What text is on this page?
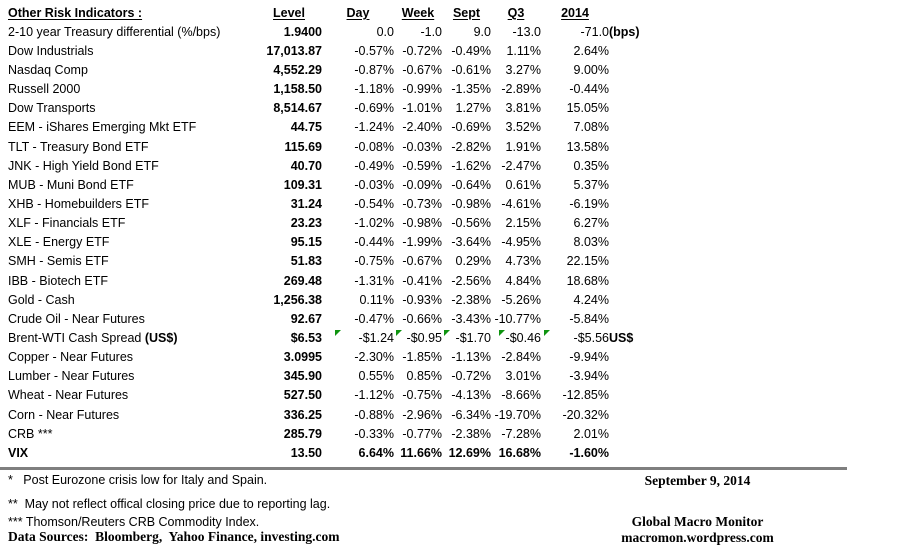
Other Risk Indicators :	Level	Day	Week	Sept	Q3	2014	
2-10 year Treasury differential (%/bps)	1.9400	0.0	-1.0	9.0	-13.0	-71.0	(bps)
Dow Industrials	17,013.87	-0.57%	-0.72%	-0.49%	1.11%	2.64%	
Nasdaq Comp	4,552.29	-0.87%	-0.67%	-0.61%	3.27%	9.00%	
Russell 2000	1,158.50	-1.18%	-0.99%	-1.35%	-2.89%	-0.44%	
Dow Transports	8,514.67	-0.69%	-1.01%	1.27%	3.81%	15.05%	
EEM - iShares Emerging Mkt ETF	44.75	-1.24%	-2.40%	-0.69%	3.52%	7.08%	
TLT - Treasury Bond ETF	115.69	-0.08%	-0.03%	-2.82%	1.91%	13.58%	
JNK - High Yield Bond ETF	40.70	-0.49%	-0.59%	-1.62%	-2.47%	0.35%	
MUB - Muni Bond ETF	109.31	-0.03%	-0.09%	-0.64%	0.61%	5.37%	
XHB - Homebuilders ETF	31.24	-0.54%	-0.73%	-0.98%	-4.61%	-6.19%	
XLF - Financials ETF	23.23	-1.02%	-0.98%	-0.56%	2.15%	6.27%	
XLE - Energy ETF	95.15	-0.44%	-1.99%	-3.64%	-4.95%	8.03%	
SMH - Semis ETF	51.83	-0.75%	-0.67%	0.29%	4.73%	22.15%	
IBB - Biotech ETF	269.48	-1.31%	-0.41%	-2.56%	4.84%	18.68%	
Gold - Cash	1,256.38	0.11%	-0.93%	-2.38%	-5.26%	4.24%	
Crude Oil - Near Futures	92.67	-0.47%	-0.66%	-3.43%	-10.77%	-5.84%	
Brent-WTI Cash Spread (US$)	$6.53	-$1.24	-$0.95	-$1.70	-$0.46	-$5.56	US$
Copper - Near Futures	3.0995	-2.30%	-1.85%	-1.13%	-2.84%	-9.94%	
Lumber - Near Futures	345.90	0.55%	0.85%	-0.72%	3.01%	-3.94%	
Wheat - Near Futures	527.50	-1.12%	-0.75%	-4.13%	-8.66%	-12.85%	
Corn - Near Futures	336.25	-0.88%	-2.96%	-6.34%	-19.70%	-20.32%	
CRB ***	285.79	-0.33%	-0.77%	-2.38%	-7.28%	2.01%	
VIX	13.50	6.64%	11.66%	12.69%	16.68%	-1.60%	

*   Post Eurozone crisis low for Italy and Spain.

**  May not reflect offical closing price due to reporting lag.

*** Thomson/Reuters CRB Commodity Index.

Data Sources:  Bloomberg,  Yahoo Finance, investing.com

September 9, 2014

Global Macro Monitor

macromon.wordpress.com
